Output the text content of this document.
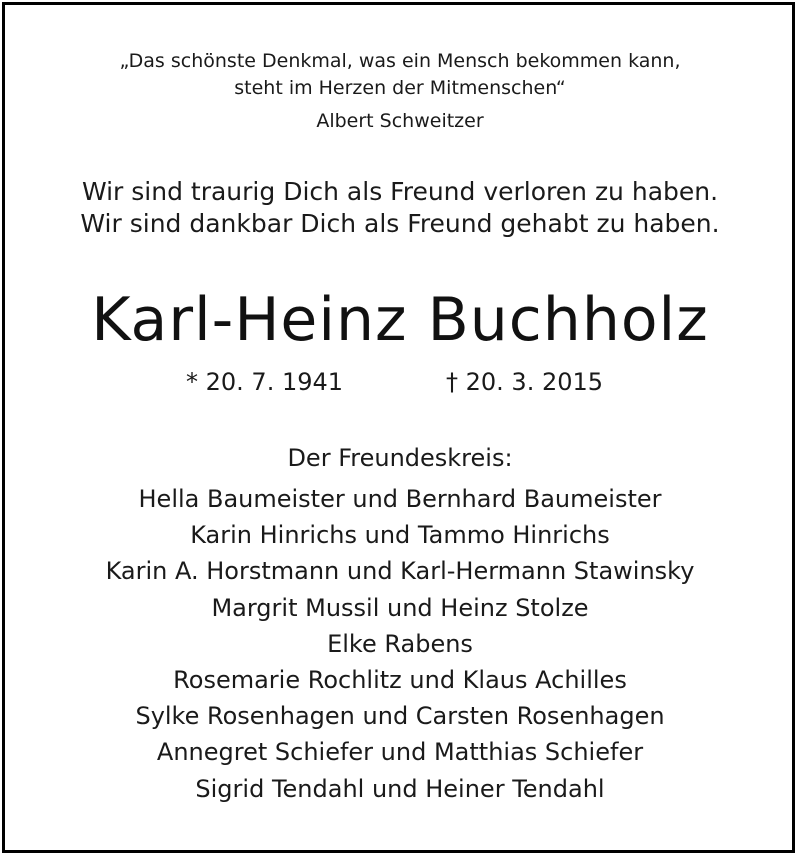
„Das schönste Denkmal, was ein Mensch bekommen kann,
steht im Herzen der Mitmenschen“
Albert Schweitzer
Wir sind traurig Dich als Freund verloren zu haben.
Wir sind dankbar Dich als Freund gehabt zu haben.
Karl-Heinz Buchholz
* 20. 7. 1941	† 20. 3. 2015
Der Freundeskreis:
Hella Baumeister und Bernhard Baumeister
Karin Hinrichs und Tammo Hinrichs
Karin A. Horstmann und Karl-Hermann Stawinsky
Margrit Mussil und Heinz Stolze
Elke Rabens
Rosemarie Rochlitz und Klaus Achilles
Sylke Rosenhagen und Carsten Rosenhagen
Annegret Schiefer und Matthias Schiefer
Sigrid Tendahl und Heiner Tendahl
